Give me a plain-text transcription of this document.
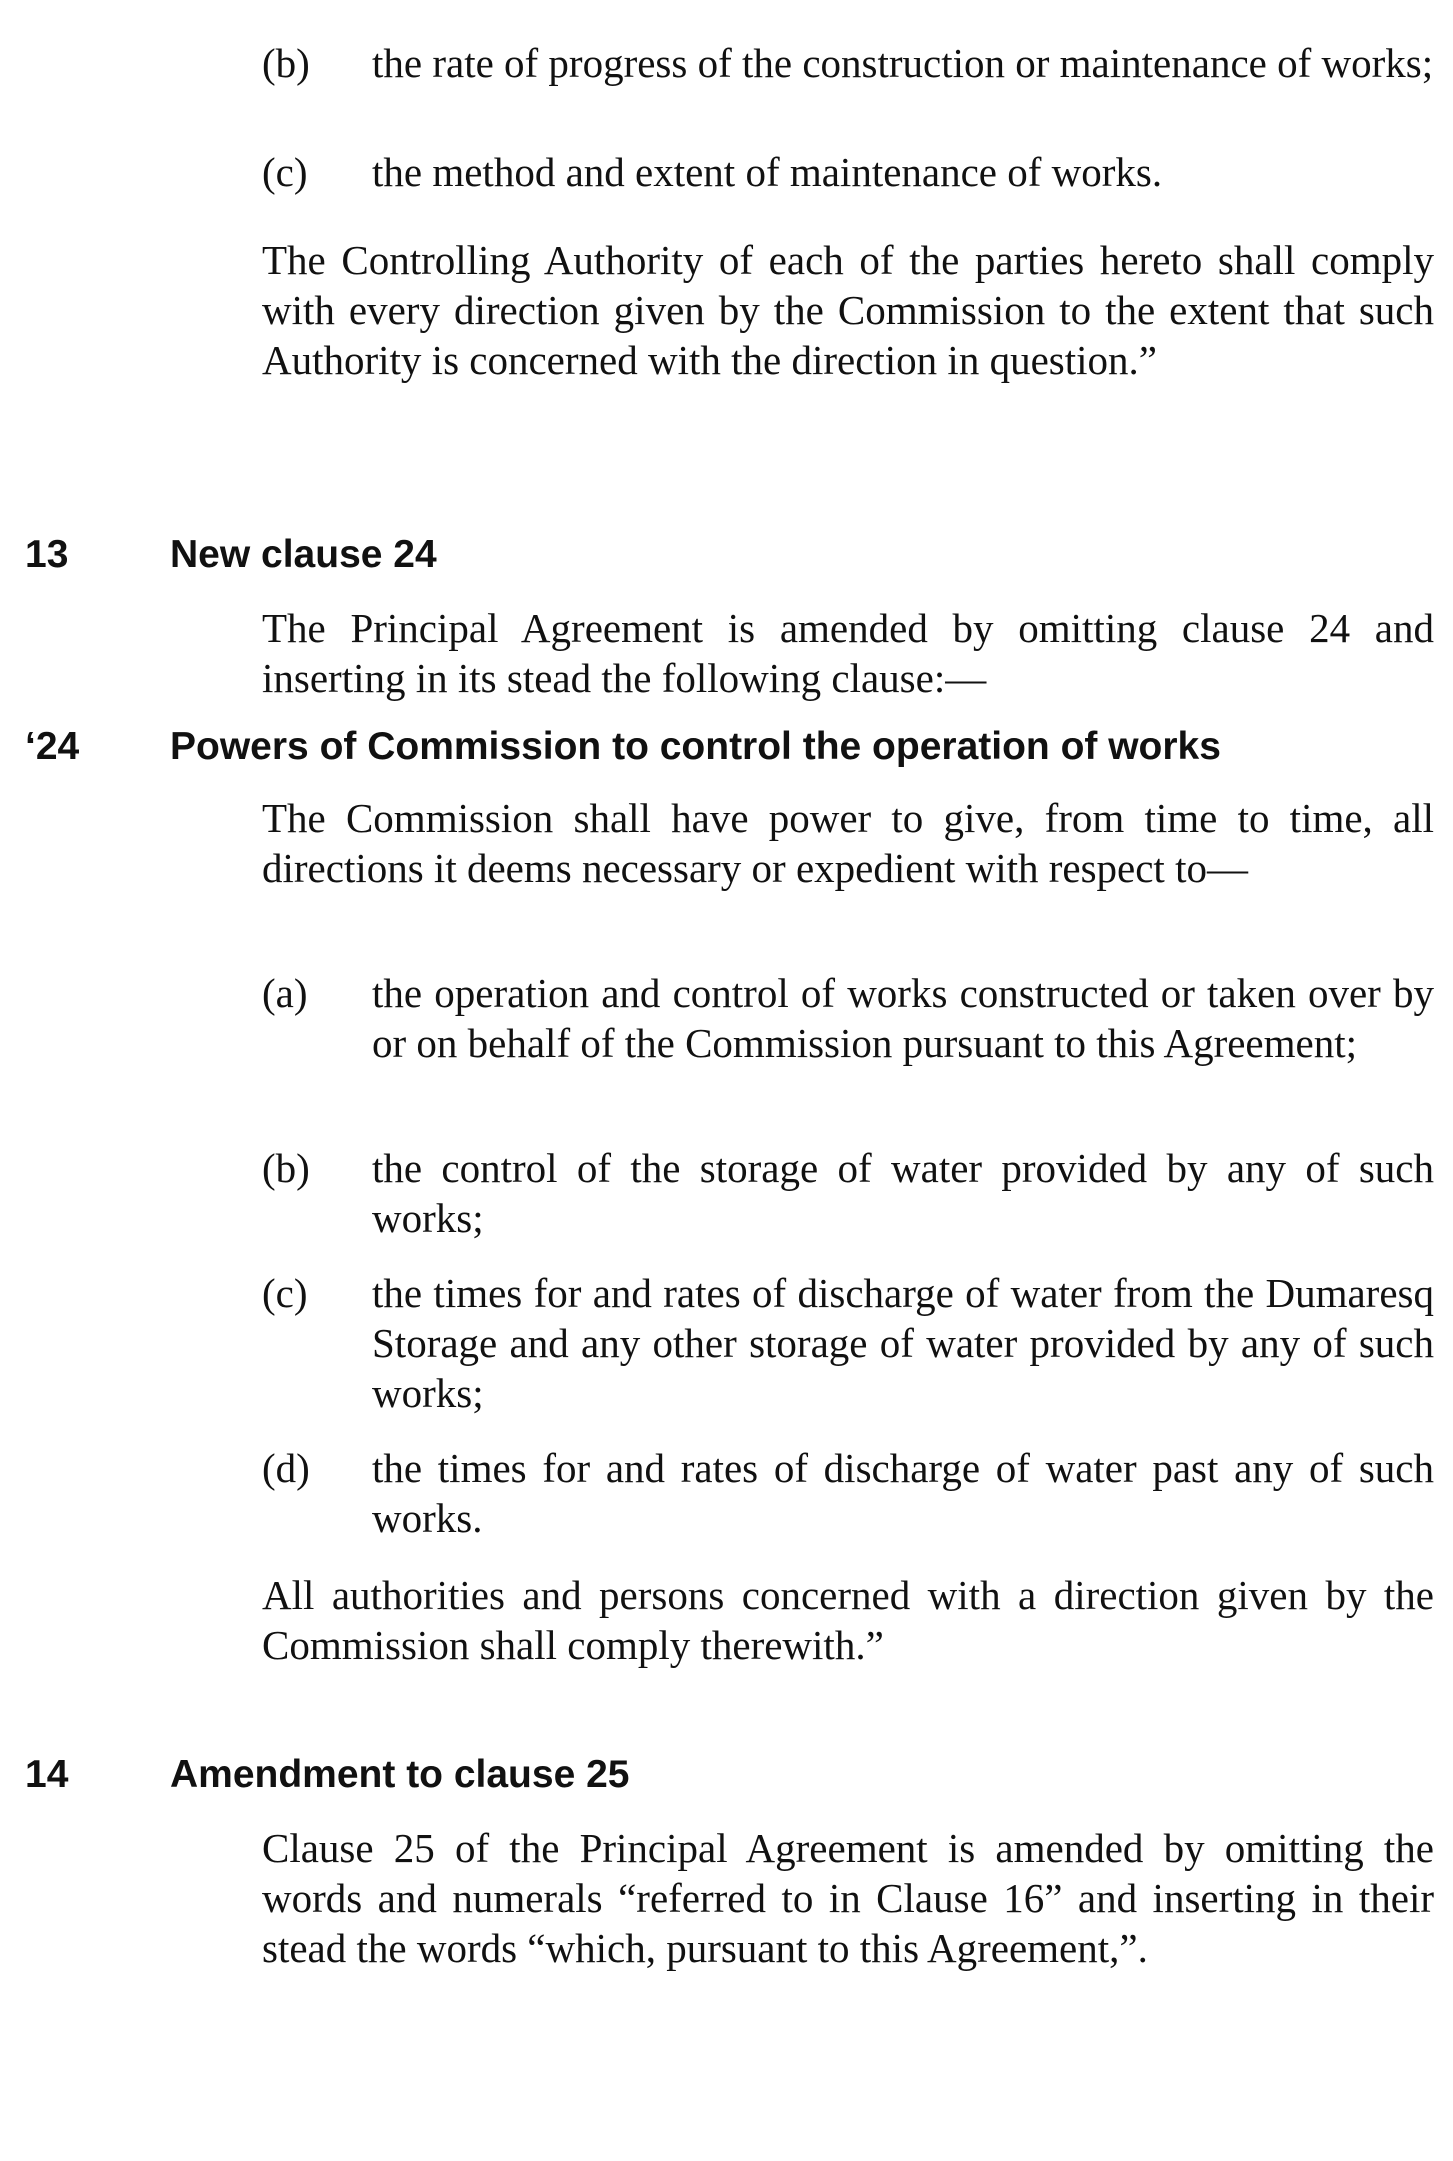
(b) the rate of progress of the construction or maintenance of works;
(c) the method and extent of maintenance of works.
The Controlling Authority of each of the parties hereto shall comply with every direction given by the Commission to the extent that such Authority is concerned with the direction in question.”
13	New clause 24
The Principal Agreement is amended by omitting clause 24 and inserting in its stead the following clause:—
‘24 Powers of Commission to control the operation of works
The Commission shall have power to give, from time to time, all directions it deems necessary or expedient with respect to—
(a) the operation and control of works constructed or taken over by or on behalf of the Commission pursuant to this Agreement;
(b) the control of the storage of water provided by any of such works;
(c) the times for and rates of discharge of water from the Dumaresq Storage and any other storage of water provided by any of such works;
(d) the times for and rates of discharge of water past any of such works.
All authorities and persons concerned with a direction given by the Commission shall comply therewith.”
14	Amendment to clause 25
Clause 25 of the Principal Agreement is amended by omitting the words and numerals “referred to in Clause 16” and inserting in their stead the words “which, pursuant to this Agreement,”.
